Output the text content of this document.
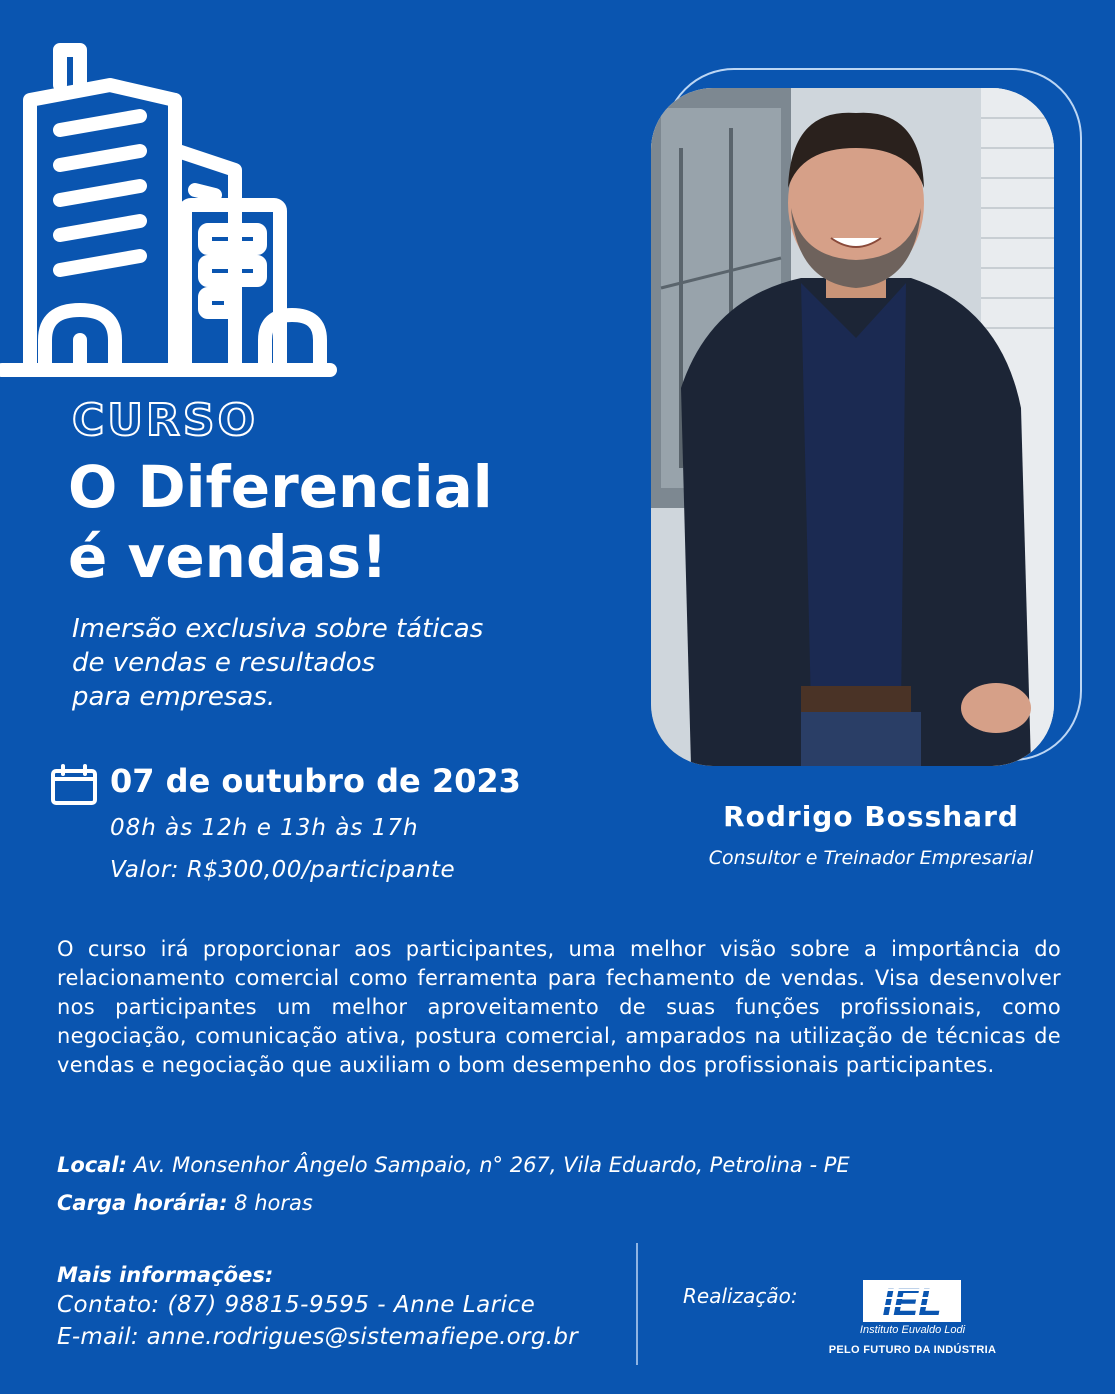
CURSO
O Diferencial
é vendas!
Imersão exclusiva sobre táticas
de vendas e resultados
para empresas.
07 de outubro de 2023
08h às 12h e 13h às 17h
Valor: R$300,00/participante
Rodrigo Bosshard
Consultor e Treinador Empresarial

O curso irá proporcionar aos participantes, uma melhor visão sobre a importância do relacionamento comercial como ferramenta para fechamento de vendas. Visa desenvolver nos participantes um melhor aproveitamento de suas funções profissionais, como negociação, comunicação ativa, postura comercial, amparados na utilização de técnicas de vendas e negociação que auxiliam o bom desempenho dos profissionais participantes.

Local: Av. Monsenhor Ângelo Sampaio, n° 267, Vila Eduardo, Petrolina - PE
Carga horária: 8 horas
Mais informações:
Contato: (87) 98815-9595 - Anne Larice
E-mail: anne.rodrigues@sistemafiepe.org.br
Realização: IEL
Instituto Euvaldo Lodi
PELO FUTURO DA INDÚSTRIA
